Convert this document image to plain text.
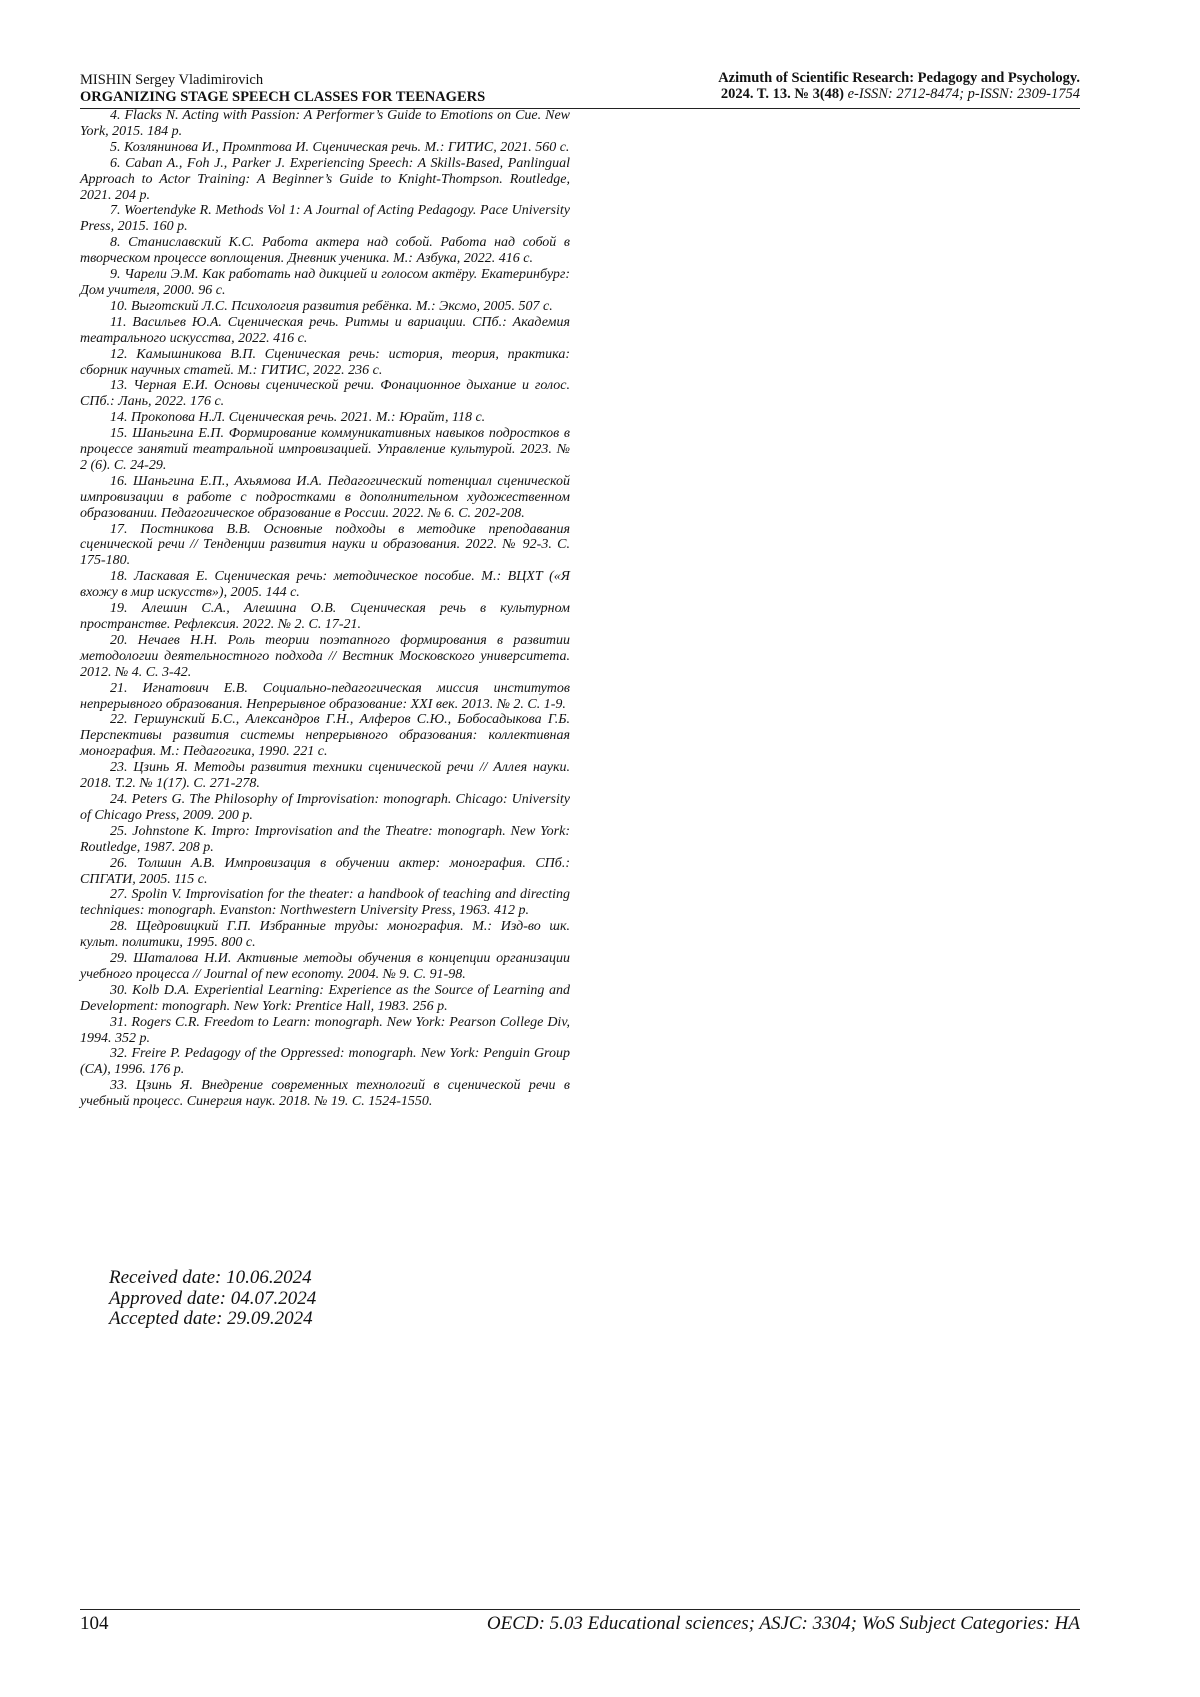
MISHIN Sergey Vladimirovich
ORGANIZING STAGE SPEECH CLASSES FOR TEENAGERS
Azimuth of Scientific Research: Pedagogy and Psychology.
2024. T. 13. № 3(48) e-ISSN: 2712-8474; p-ISSN: 2309-1754

4. Flacks N. Acting with Passion: A Performer’s Guide to Emotions on Cue. New York, 2015. 184 p.

5. Козлянинова И., Промптова И. Сценическая речь. М.: ГИТИС, 2021. 560 с.

6. Caban A., Foh J., Parker J. Experiencing Speech: A Skills-Based, Panlingual Approach to Actor Training: A Beginner’s Guide to Knight-Thompson. Routledge, 2021. 204 p.

7. Woertendyke R. Methods Vol 1: A Journal of Acting Pedagogy. Pace University Press, 2015. 160 p.

8. Станиславский К.С. Работа актера над собой. Работа над собой в творческом процессе воплощения. Дневник ученика. М.: Азбука, 2022. 416 с.

9. Чарели Э.М. Как работать над дикцией и голосом актёру. Екатеринбург: Дом учителя, 2000. 96 с.

10. Выготский Л.С. Психология развития ребёнка. М.: Эксмо, 2005. 507 с.

11. Васильев Ю.А. Сценическая речь. Ритмы и вариации. СПб.: Академия театрального искусства, 2022. 416 с.

12. Камышникова В.П. Сценическая речь: история, теория, практика: сборник научных статей. М.: ГИТИС, 2022. 236 с.

13. Черная Е.И. Основы сценической речи. Фонационное дыхание и голос. СПб.: Лань, 2022. 176 с.

14. Прокопова Н.Л. Сценическая речь. 2021. М.: Юрайт, 118 с.

15. Шаньгина Е.П. Формирование коммуникативных навыков подростков в процессе занятий театральной импровизацией. Управление культурой. 2023. № 2 (6). С. 24-29.

16. Шаньгина Е.П., Ахьямова И.А. Педагогический потенциал сценической импровизации в работе с подростками в дополнительном художественном образовании. Педагогическое образование в России. 2022. № 6. С. 202-208.

17. Постникова В.В. Основные подходы в методике преподавания сценической речи // Тенденции развития науки и образования. 2022. № 92-3. С. 175-180.

18. Ласкавая Е. Сценическая речь: методическое пособие. М.: ВЦХТ («Я вхожу в мир искусств»), 2005. 144 с.

19. Алешин С.А., Алешина О.В. Сценическая речь в культурном пространстве. Рефлексия. 2022. № 2. С. 17-21.

20. Нечаев Н.Н. Роль теории поэтапного формирования в развитии методологии деятельностного подхода // Вестник Московского университета. 2012. № 4. С. 3-42.

21. Игнатович Е.В. Социально-педагогическая миссия институтов непрерывного образования. Непрерывное образование: XXI век. 2013. № 2. С. 1-9.

22. Гершунский Б.С., Александров Г.Н., Алферов С.Ю., Бобосадыкова Г.Б. Перспективы развития системы непрерывного образования: коллективная монография. М.: Педагогика, 1990. 221 с.

23. Цзинь Я. Методы развития техники сценической речи // Аллея науки. 2018. Т.2. № 1(17). С. 271-278.

24. Peters G. The Philosophy of Improvisation: monograph. Chicago: University of Chicago Press, 2009. 200 p.

25. Johnstone K. Impro: Improvisation and the Theatre: monograph. New York: Routledge, 1987. 208 p.

26. Толшин А.В. Импровизация в обучении актер: монография. СПб.: СПГАТИ, 2005. 115 с.

27. Spolin V. Improvisation for the theater: a handbook of teaching and directing techniques: monograph. Evanston: Northwestern University Press, 1963. 412 p.

28. Щедровицкий Г.П. Избранные труды: монография. М.: Изд-во шк. культ. политики, 1995. 800 с.

29. Шаталова Н.И. Активные методы обучения в концепции организации учебного процесса // Journal of new economy. 2004. № 9. С. 91-98.

30. Kolb D.A. Experiential Learning: Experience as the Source of Learning and Development: monograph. New York: Prentice Hall, 1983. 256 p.

31. Rogers C.R. Freedom to Learn: monograph. New York: Pearson College Div, 1994. 352 p.

32. Freire P. Pedagogy of the Oppressed: monograph. New York: Penguin Group (CA), 1996. 176 p.

33. Цзинь Я. Внедрение современных технологий в сценической речи в учебный процесс. Синергия наук. 2018. № 19. С. 1524-1550.

Received date: 10.06.2024
Approved date: 04.07.2024
Accepted date: 29.09.2024
104	OECD: 5.03 Educational sciences; ASJC: 3304; WoS Subject Categories: HA
